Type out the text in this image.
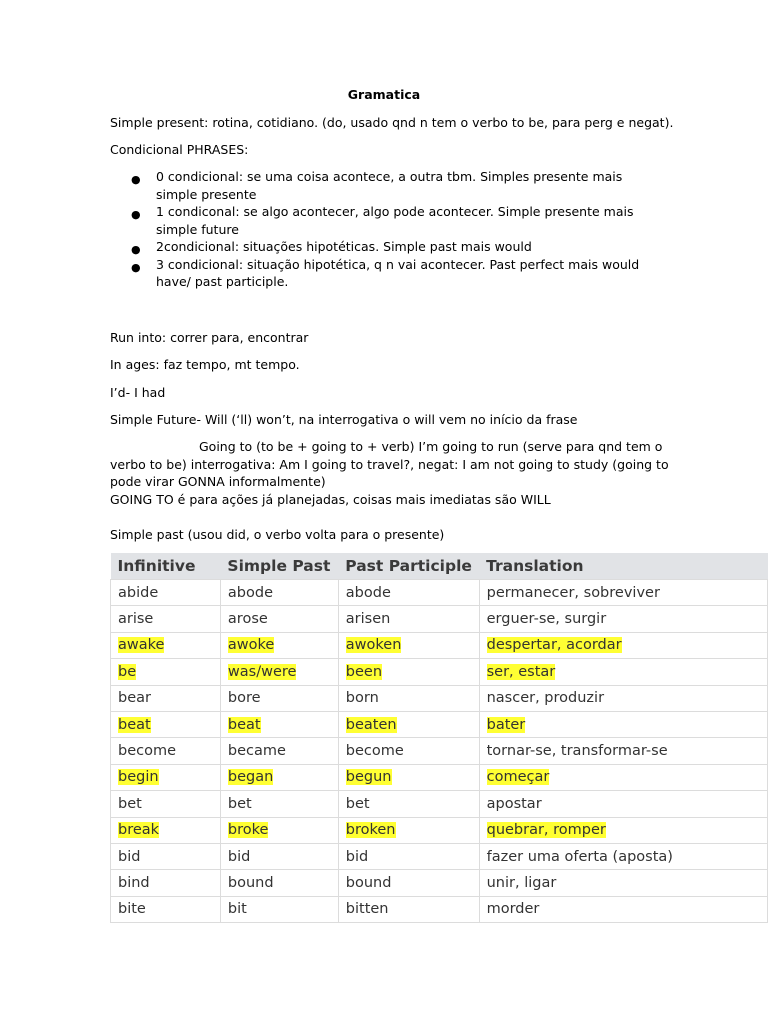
Gramatica
Simple present: rotina, cotidiano. (do, usado qnd n tem o verbo to be, para perg e negat).
Condicional PHRASES:
● 0 condicional: se uma coisa acontece, a outra tbm. Simples presente mais simple presente
● 1 condiconal: se algo acontecer, algo pode acontecer. Simple presente mais simple future
● 2condicional: situações hipotéticas. Simple past mais would
● 3 condicional: situação hipotética, q n vai acontecer. Past perfect mais would have/ past participle.
Run into: correr para, encontrar
In ages: faz tempo, mt tempo.
I’d- I had
Simple Future- Will (‘ll) won’t, na interrogativa o will vem no início da frase
Going to (to be + going to + verb) I’m going to run (serve para qnd tem o verbo to be) interrogativa: Am I going to travel?, negat: I am not going to study (going to pode virar GONNA informalmente)
GOING TO é para ações já planejadas, coisas mais imediatas são WILL
Simple past (usou did, o verbo volta para o presente)
Infinitive	Simple Past	Past Participle	Translation
abide	abode	abode	permanecer, sobreviver
arise	arose	arisen	erguer-se, surgir
awake	awoke	awoken	despertar, acordar
be	was/were	been	ser, estar
bear	bore	born	nascer, produzir
beat	beat	beaten	bater
become	became	become	tornar-se, transformar-se
begin	began	begun	começar
bet	bet	bet	apostar
break	broke	broken	quebrar, romper
bid	bid	bid	fazer uma oferta (aposta)
bind	bound	bound	unir, ligar
bite	bit	bitten	morder
